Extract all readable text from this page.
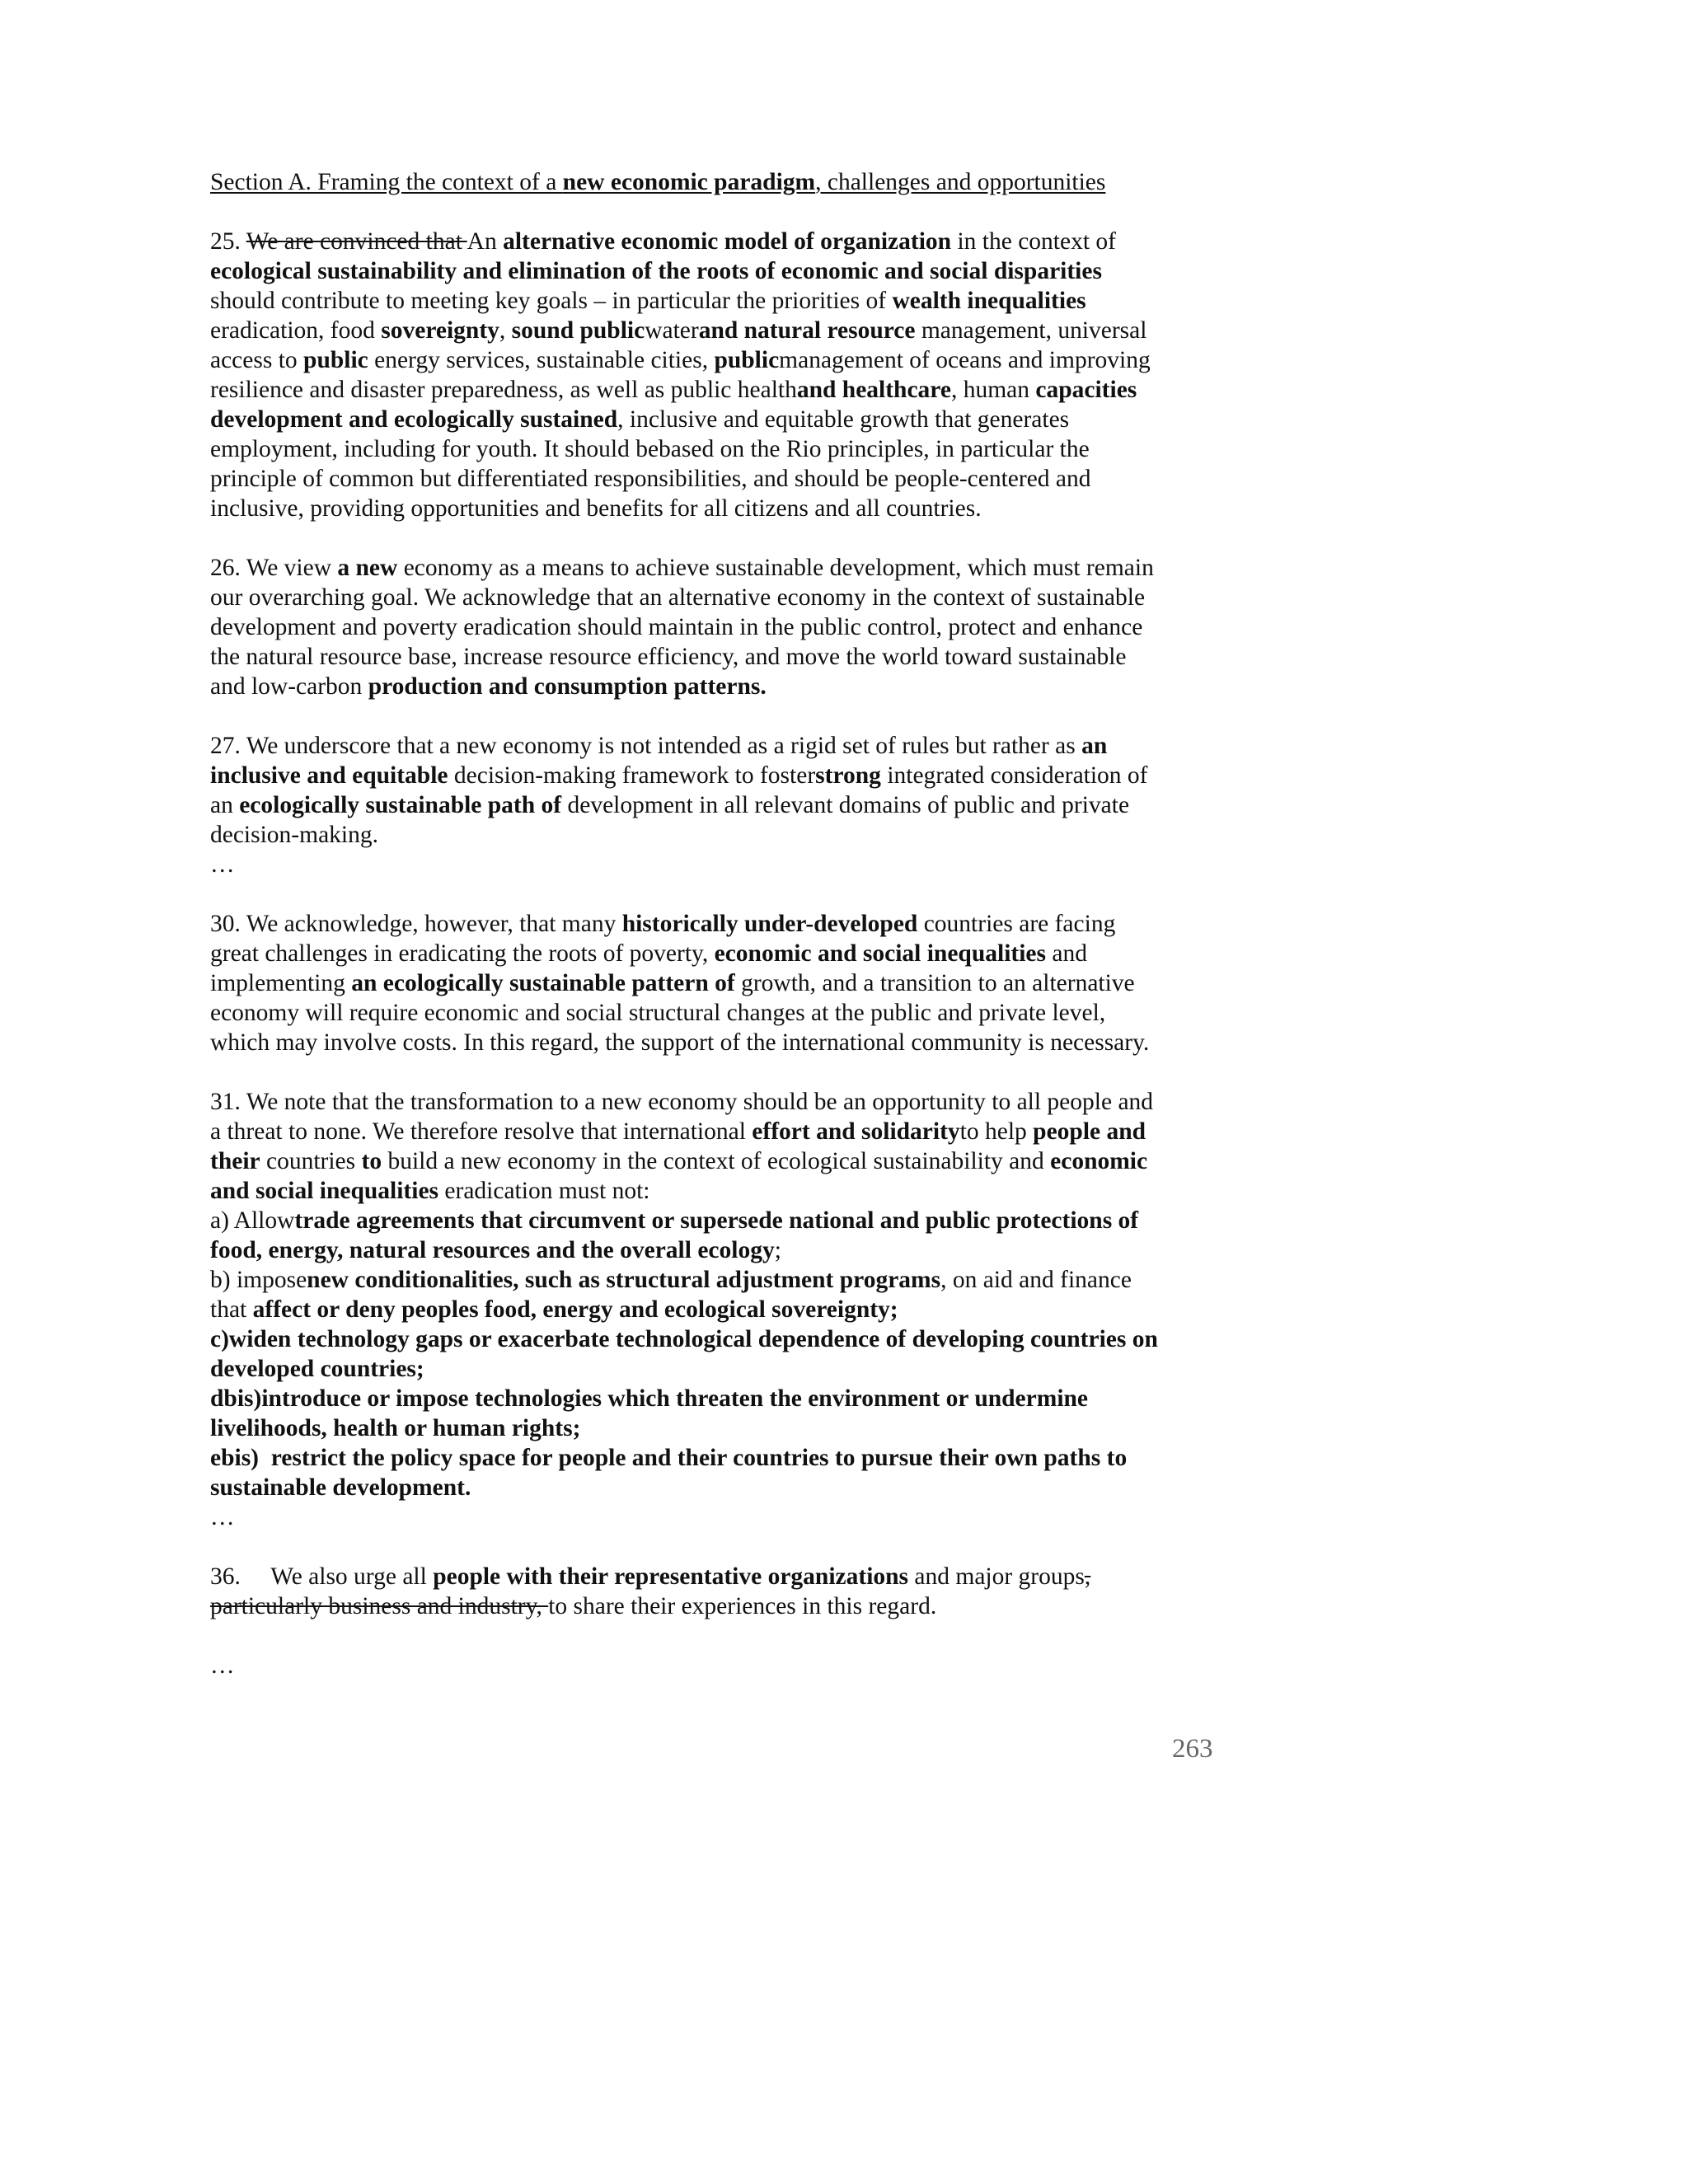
Section A. Framing the context of a new economic paradigm, challenges and opportunities

25. We are convinced that An alternative economic model of organization in the context of
ecological sustainability and elimination of the roots of economic and social disparities
should contribute to meeting key goals – in particular the priorities of wealth inequalities
eradication, food sovereignty, sound publicwaterand natural resource management, universal
access to public energy services, sustainable cities, publicmanagement of oceans and improving
resilience and disaster preparedness, as well as public healthand healthcare, human capacities
development and ecologically sustained, inclusive and equitable growth that generates
employment, including for youth. It should bebased on the Rio principles, in particular the
principle of common but differentiated responsibilities, and should be people-centered and
inclusive, providing opportunities and benefits for all citizens and all countries.
26. We view a new economy as a means to achieve sustainable development, which must remain
our overarching goal. We acknowledge that an alternative economy in the context of sustainable
development and poverty eradication should maintain in the public control, protect and enhance
the natural resource base, increase resource efficiency, and move the world toward sustainable
and low-carbon production and consumption patterns.
27. We underscore that a new economy is not intended as a rigid set of rules but rather as an
inclusive and equitable decision-making framework to fosterstrong integrated consideration of
an ecologically sustainable path of development in all relevant domains of public and private
decision-making.
…
30. We acknowledge, however, that many historically under-developed countries are facing
great challenges in eradicating the roots of poverty, economic and social inequalities and
implementing an ecologically sustainable pattern of growth, and a transition to an alternative
economy will require economic and social structural changes at the public and private level,
which may involve costs. In this regard, the support of the international community is necessary.
31. We note that the transformation to a new economy should be an opportunity to all people and
a threat to none. We therefore resolve that international effort and solidarityto help people and
their countries to build a new economy in the context of ecological sustainability and economic
and social inequalities eradication must not:
a) Allowtrade agreements that circumvent or supersede national and public protections of
food, energy, natural resources and the overall ecology;
b) imposenew conditionalities, such as structural adjustment programs, on aid and finance
that affect or deny peoples food, energy and ecological sovereignty;
c)widen technology gaps or exacerbate technological dependence of developing countries on
developed countries;
dbis)introduce or impose technologies which threaten the environment or undermine
livelihoods, health or human rights;
ebis)  restrict the policy space for people and their countries to pursue their own paths to
sustainable development.
…
36.     We also urge all people with their representative organizations and major groups,
particularly business and industry, to share their experiences in this regard.

…

263
